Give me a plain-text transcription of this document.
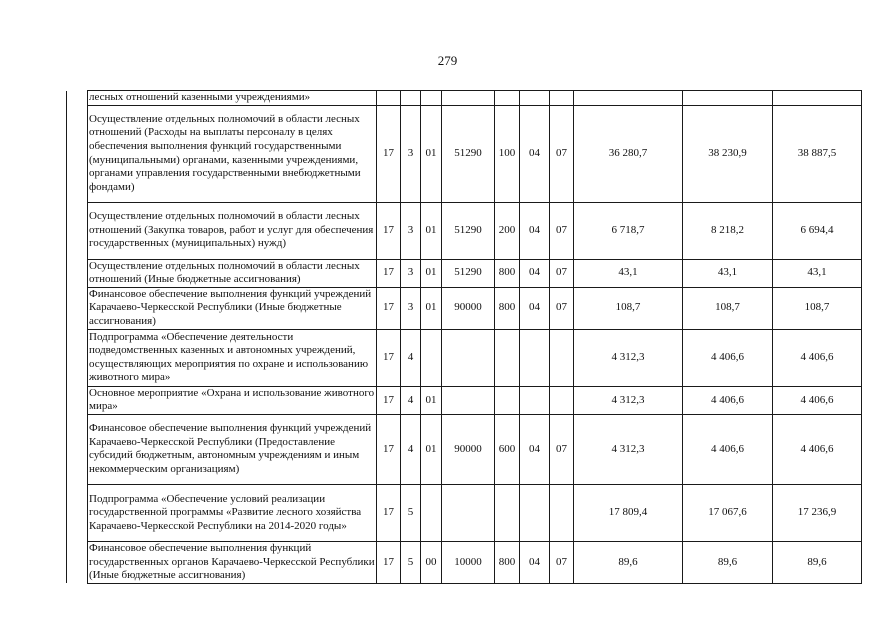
279
	лесных отношений казенными учреждениями»										
	Осуществление отдельных полномочий в области лесных отношений (Расходы на выплаты персоналу в целях обеспечения выполнения функций государственными (муниципальными) органами, казенными учреждениями, органами управления государственными внебюджетными фондами)	17	3	01	51290	100	04	07	36 280,7	38 230,9	38 887,5
	Осуществление отдельных полномочий в области лесных отношений (Закупка товаров, работ и услуг для обеспечения государственных (муниципальных) нужд)	17	3	01	51290	200	04	07	6 718,7	8 218,2	6 694,4
	Осуществление отдельных полномочий в области лесных отношений (Иные бюджетные ассигнования)	17	3	01	51290	800	04	07	43,1	43,1	43,1
	Финансовое обеспечение выполнения функций учреждений Карачаево-Черкесской Республики (Иные бюджетные ассигнования)	17	3	01	90000	800	04	07	108,7	108,7	108,7
	Подпрограмма «Обеспечение деятельности подведомственных казенных и автономных учреждений, осуществляющих мероприятия по охране и использованию животного мира»	17	4						4 312,3	4 406,6	4 406,6
	Основное мероприятие «Охрана и использование животного мира»	17	4	01					4 312,3	4 406,6	4 406,6
	Финансовое обеспечение выполнения функций учреждений Карачаево-Черкесской Республики (Предоставление субсидий бюджетным, автономным учреждениям и иным некоммерческим организациям)	17	4	01	90000	600	04	07	4 312,3	4 406,6	4 406,6
	Подпрограмма «Обеспечение условий реализации государственной программы «Развитие лесного хозяйства Карачаево-Черкесской Республики на 2014-2020 годы»	17	5						17 809,4	17 067,6	17 236,9
	Финансовое обеспечение выполнения функций государственных органов Карачаево-Черкесской Республики (Иные бюджетные ассигнования)	17	5	00	10000	800	04	07	89,6	89,6	89,6
